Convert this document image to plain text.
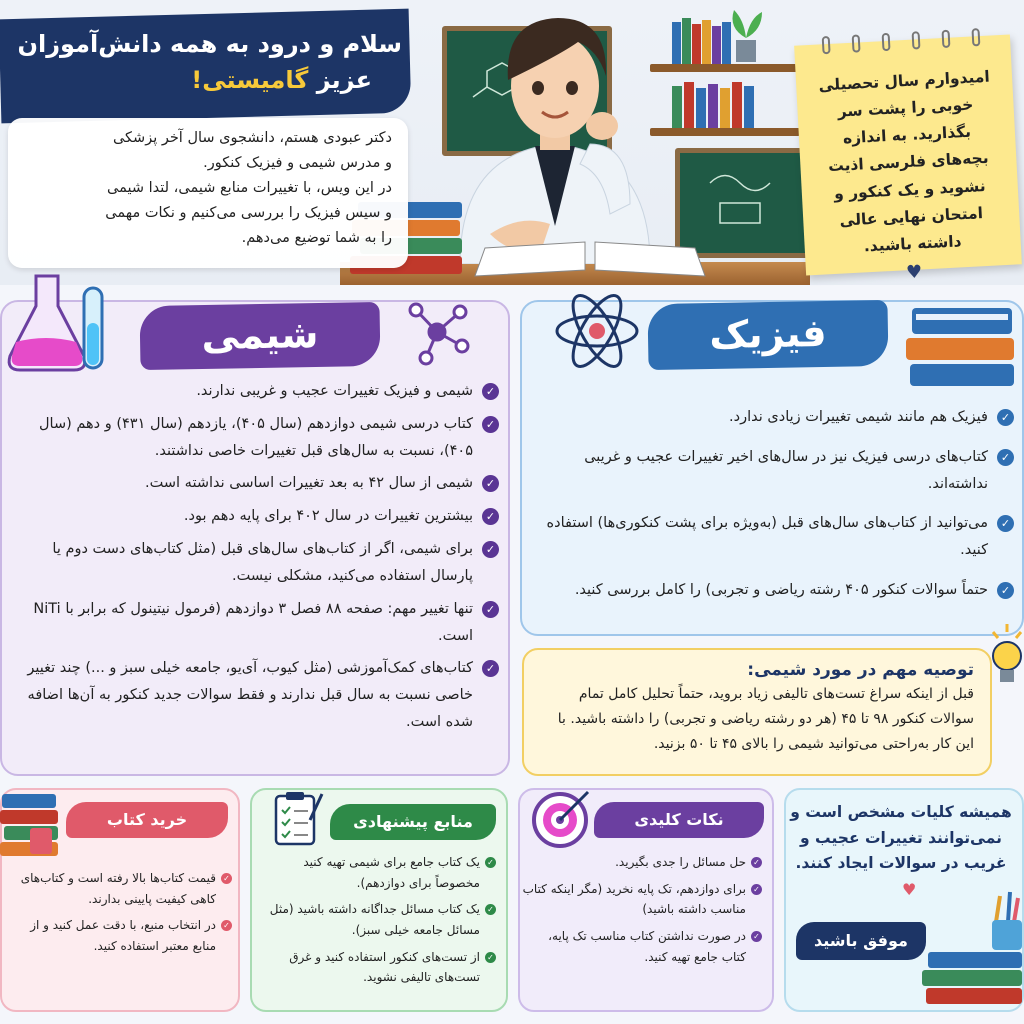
سلام و درود به همه دانش‌آموزان
عزیز گامیستی!

دکتر عبودی هستم، دانشجوی سال آخر پزشکی

و مدرس شیمی و فیزیک کنکور.

در این ویس، با تغییرات منابع شیمی، لتدا شیمی

و سیس فیزیک را بررسی می‌کنیم و نکات مهمی

را به شما توضیع می‌دهم.

امیدوارم سال تحصیلی خوبی را پشت سر بگذارید. به اندازه بچه‌های فلرسی اذیت نشوید و یک کنکور و امتحان نهایی عالی داشته باشید.

♥
شیمی
✓
شیمی و فیزیک تغییرات عجیب و غریبی ندارند.
✓
کتاب درسی شیمی دوازدهم (سال ۴۰۵)، یازدهم (سال ۴۳۱) و دهم (سال ۴۰۵)، نسبت به سال‌های قبل تغییرات خاصی نداشتند.
✓
شیمی از سال ۴۲ به بعد تغییرات اساسی نداشته است.
✓
بیشترین تغییرات در سال ۴۰۲ برای پایه دهم بود.
✓
برای شیمی، اگر از کتاب‌های سال‌های قبل (مثل کتاب‌های دست دوم یا پارسال استفاده می‌کنید، مشکلی نیست.
✓
تنها تغییر مهم: صفحه ۸۸ فصل ۳ دوازدهم (فرمول نیتینول که برابر با NiTi است.
✓
کتاب‌های کمک‌آموزشی (مثل کیوب، آی‌یو، جامعه خیلی سبز و ...) چند تغییر خاصی نسبت به سال قبل ندارند و فقط سوالات جدید کنکور به آن‌ها اضافه شده است.
فیزیک
✓
فیزیک هم مانند شیمی تغییرات زیادی ندارد.
✓
کتاب‌های درسی فیزیک نیز در سال‌های اخیر تغییرات عجیب و غریبی نداشته‌اند.
✓
می‌توانید از کتاب‌های سال‌های قبل (به‌ویژه برای پشت کنکوری‌ها) استفاده کنید.
✓
حتماً سوالات کنکور ۴۰۵ رشته ریاضی و تجربی) را کامل بررسی کنید.
توصیه مهم در مورد شیمی:
قبل از اینکه سراغ تست‌های تالیفی زیاد بروید، حتماً تحلیل کامل تمام سوالات کنکور ۹۸ تا ۴۵ (هر دو رشته ریاضی و تجربی) را داشته باشید. با این کار به‌راحتی می‌توانید شیمی را بالای ۴۵ تا ۵۰ بزنید.
خرید کتاب
✓
قیمت کتاب‌ها بالا رفته است و کتاب‌های کاهی کیفیت پایینی بدارند.
✓
در انتخاب منبع، با دقت عمل کنید و از منابع معتبر استفاده کنید.
منابع پیشنهادی
✓
یک کتاب جامع برای شیمی تهیه کنید مخصوصاً برای دوازدهم).
✓
یک کتاب مسائل جداگانه داشته باشید (مثل مسائل جامعه خیلی سبز).
✓
از تست‌های کنکور استفاده کنید و غرق تست‌های تالیفی نشوید.
نکات کلیدی
✓
حل مسائل را جدی بگیرید.
✓
برای دوازدهم، تک پایه نخرید (مگر اینکه کتاب مناسب داشته باشید)
✓
در صورت نداشتن کتاب مناسب تک پایه، کتاب جامع تهیه کنید.
همیشه کلیات مشخص است و نمی‌توانند تغییرات عجیب و غریب در سوالات ایجاد کنند.
♥
موفق باشید
